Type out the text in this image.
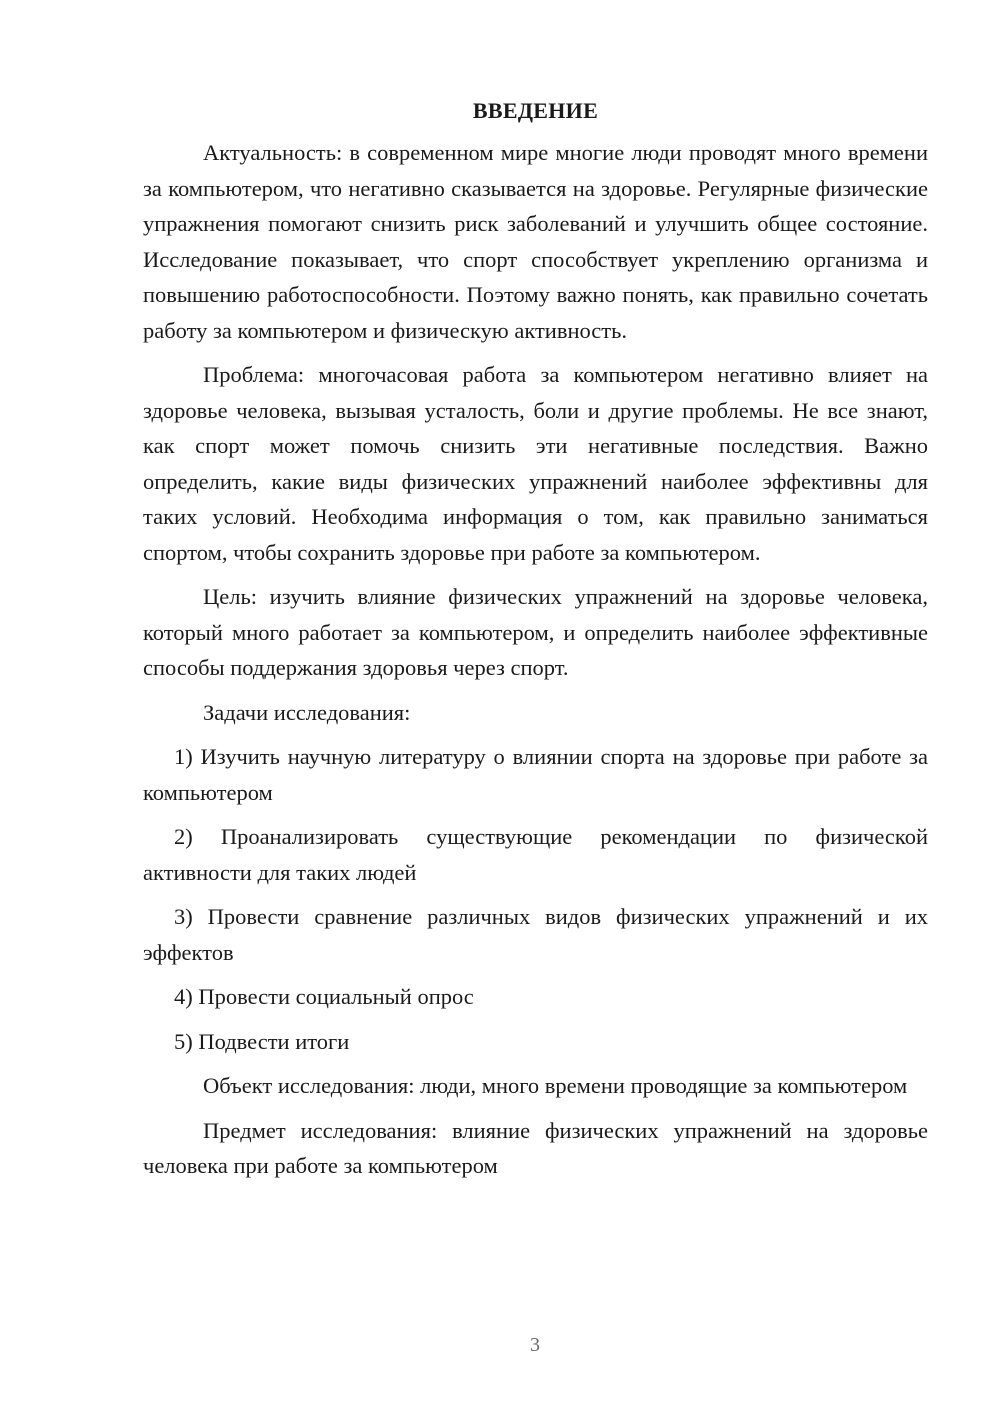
ВВЕДЕНИЕ

Актуальность: в современном мире многие люди проводят много времени за компьютером, что негативно сказывается на здоровье. Регулярные физические упражнения помогают снизить риск заболеваний и улучшить общее состояние. Исследование показывает, что спорт способствует укреплению организма и повышению работоспособности. Поэтому важно понять, как правильно сочетать работу за компьютером и физическую активность.

Проблема: многочасовая работа за компьютером негативно влияет на здоровье человека, вызывая усталость, боли и другие проблемы. Не все знают, как спорт может помочь снизить эти негативные последствия. Важно определить, какие виды физических упражнений наиболее эффективны для таких условий. Необходима информация о том, как правильно заниматься спортом, чтобы сохранить здоровье при работе за компьютером.

Цель: изучить влияние физических упражнений на здоровье человека, который много работает за компьютером, и определить наиболее эффективные способы поддержания здоровья через спорт.

Задачи исследования:

1) Изучить научную литературу о влиянии спорта на здоровье при работе за компьютером

2) Проанализировать существующие рекомендации по физической активности для таких людей

3) Провести сравнение различных видов физических упражнений и их эффектов

4) Провести социальный опрос

5) Подвести итоги

Объект исследования: люди, много времени проводящие за компьютером

Предмет исследования: влияние физических упражнений на здоровье человека при работе за компьютером

3
